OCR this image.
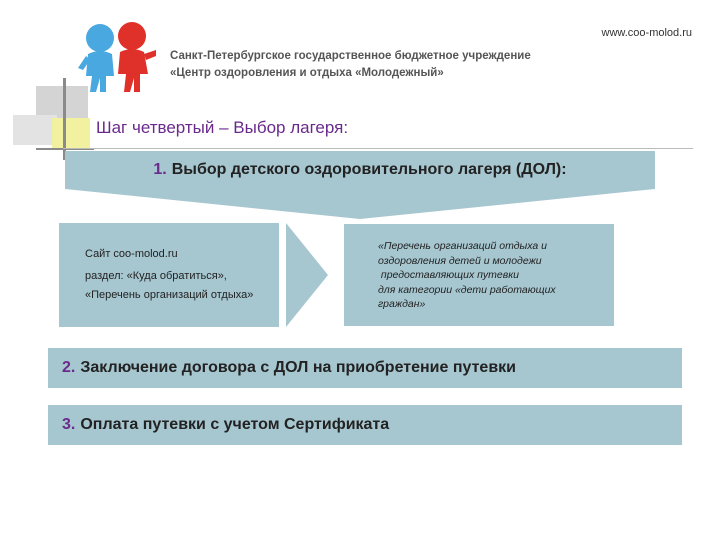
www.coo-molod.ru
Санкт-Петербургское государственное бюджетное учреждение
«Центр оздоровления и отдыха «Молодежный»
Шаг четвертый – Выбор лагеря:
1. Выбор детского оздоровительного лагеря (ДОЛ):
Сайт coo-molod.ru
раздел: «Куда обратиться»,
«Перечень организаций отдыха»
«Перечень организаций отдыха и
оздоровления детей и молодежи
предоставляющих путевки
для категории «дети работающих
граждан»
2. Заключение договора с ДОЛ на приобретение путевки
3. Оплата путевки с учетом Сертификата
